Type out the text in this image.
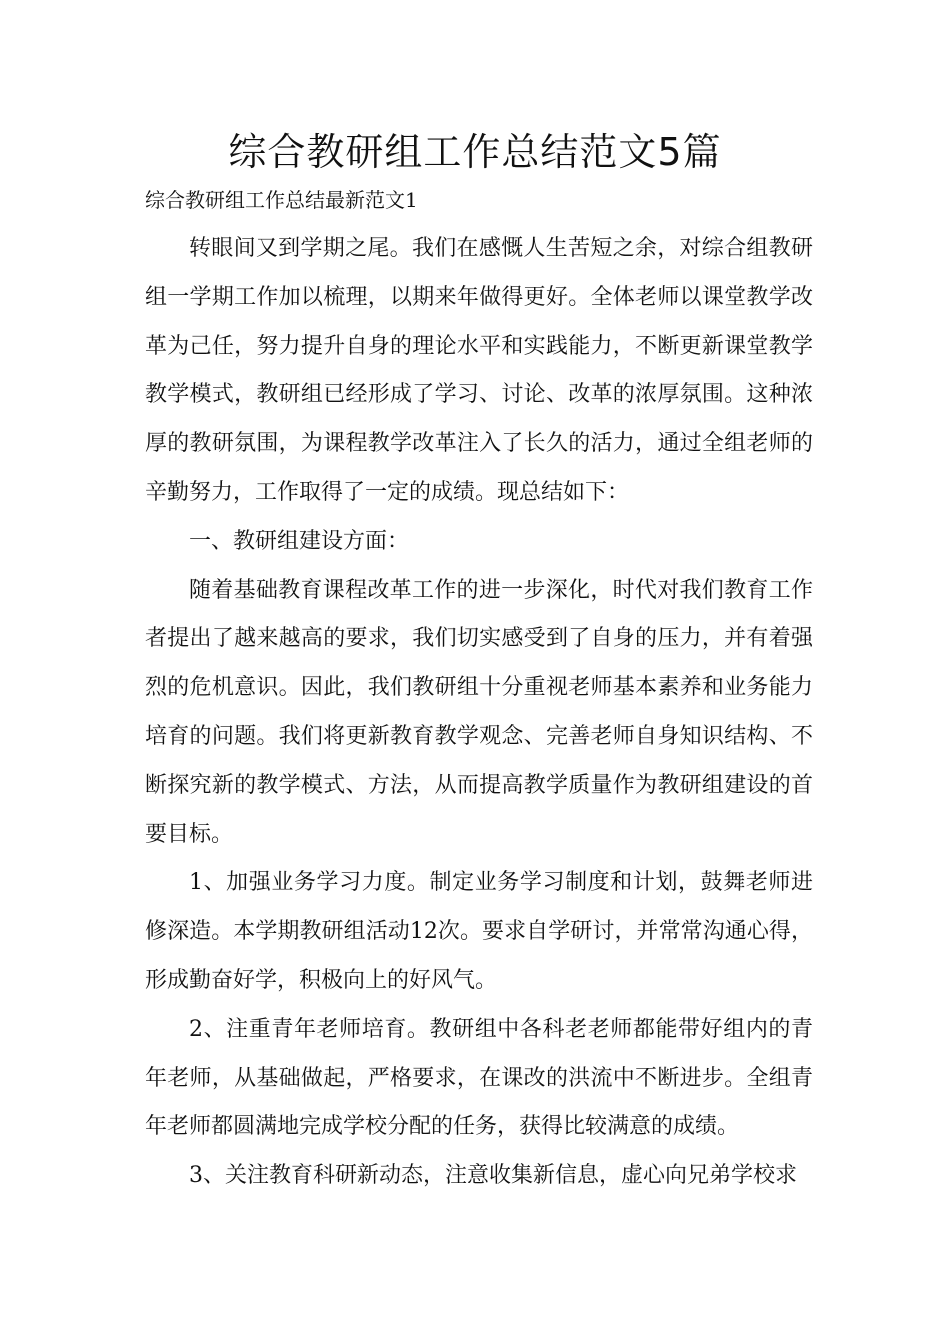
综合教研组工作总结范文5篇
综合教研组工作总结最新范文1

转眼间又到学期之尾。我们在感慨人生苦短之余，对综合组教研组一学期工作加以梳理，以期来年做得更好。全体老师以课堂教学改革为己任，努力提升自身的理论水平和实践能力，不断更新课堂教学教学模式，教研组已经形成了学习、讨论、改革的浓厚氛围。这种浓厚的教研氛围，为课程教学改革注入了长久的活力，通过全组老师的辛勤努力，工作取得了一定的成绩。现总结如下：

一、教研组建设方面：

随着基础教育课程改革工作的进一步深化，时代对我们教育工作者提出了越来越高的要求，我们切实感受到了自身的压力，并有着强烈的危机意识。因此，我们教研组十分重视老师基本素养和业务能力培育的问题。我们将更新教育教学观念、完善老师自身知识结构、不断探究新的教学模式、方法，从而提高教学质量作为教研组建设的首要目标。

1、加强业务学习力度。制定业务学习制度和计划，鼓舞老师进修深造。本学期教研组活动12次。要求自学研讨，并常常沟通心得，形成勤奋好学，积极向上的好风气。

2、注重青年老师培育。教研组中各科老老师都能带好组内的青年老师，从基础做起，严格要求，在课改的洪流中不断进步。全组青年老师都圆满地完成学校分配的任务，获得比较满意的成绩。

3、关注教育科研新动态，注意收集新信息，虚心向兄弟学校求
